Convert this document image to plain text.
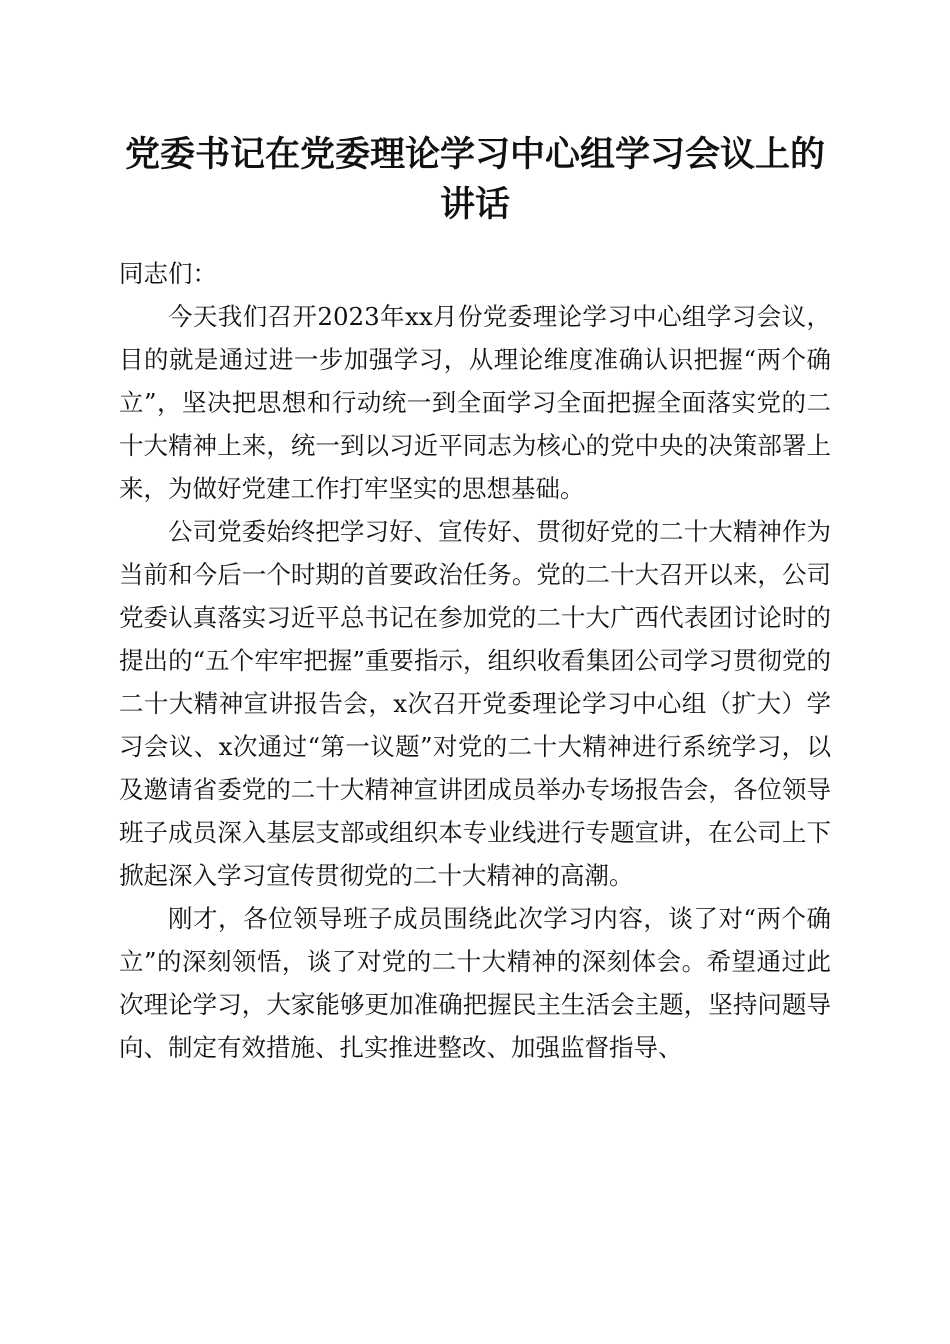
党委书记在党委理论学习中心组学习会议上的
讲话

同志们：

今天我们召开2023年xx月份党委理论学习中心组学习会议，目的就是通过进一步加强学习，从理论维度准确认识把握“两个确立”，坚决把思想和行动统一到全面学习全面把握全面落实党的二十大精神上来，统一到以习近平同志为核心的党中央的决策部署上来，为做好党建工作打牢坚实的思想基础。

公司党委始终把学习好、宣传好、贯彻好党的二十大精神作为当前和今后一个时期的首要政治任务。党的二十大召开以来，公司党委认真落实习近平总书记在参加党的二十大广西代表团讨论时的提出的“五个牢牢把握”重要指示，组织收看集团公司学习贯彻党的二十大精神宣讲报告会，x次召开党委理论学习中心组（扩大）学习会议、x次通过“第一议题”对党的二十大精神进行系统学习，以及邀请省委党的二十大精神宣讲团成员举办专场报告会，各位领导班子成员深入基层支部或组织本专业线进行专题宣讲，在公司上下掀起深入学习宣传贯彻党的二十大精神的高潮。

刚才，各位领导班子成员围绕此次学习内容，谈了对“两个确立”的深刻领悟，谈了对党的二十大精神的深刻体会。希望通过此次理论学习，大家能够更加准确把握民主生活会主题，坚持问题导向、制定有效措施、扎实推进整改、加强监督指导、
